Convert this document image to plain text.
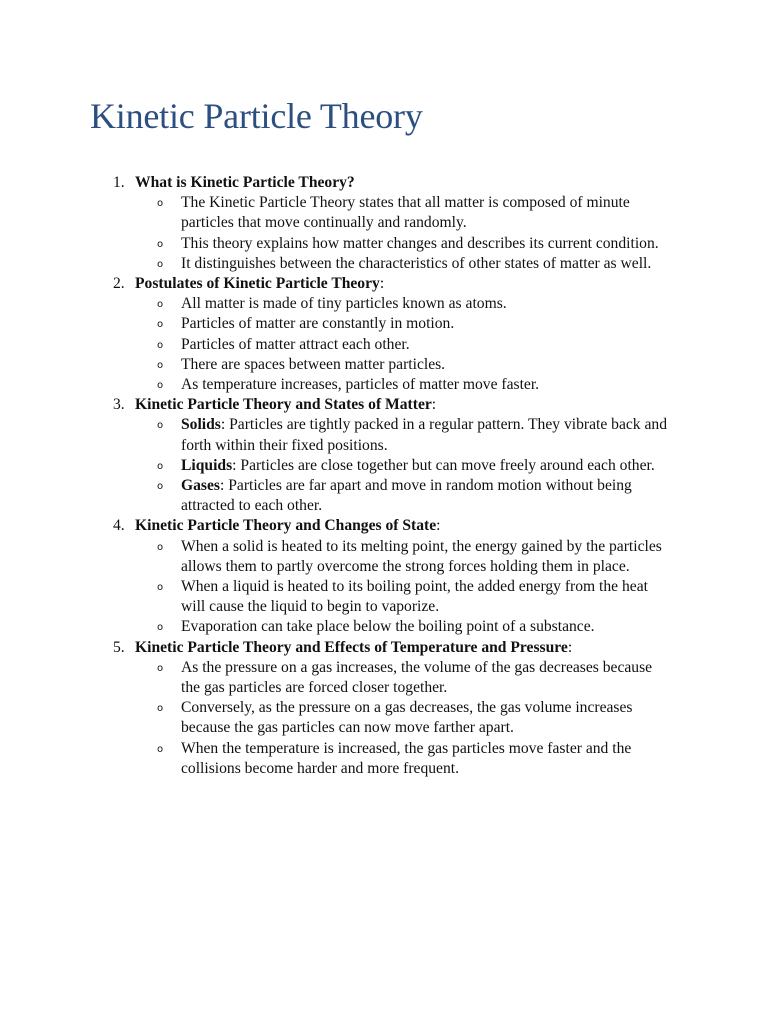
Kinetic Particle Theory
1. What is Kinetic Particle Theory?
o The Kinetic Particle Theory states that all matter is composed of minute particles that move continually and randomly.
o This theory explains how matter changes and describes its current condition.
o It distinguishes between the characteristics of other states of matter as well.
2. Postulates of Kinetic Particle Theory:
o All matter is made of tiny particles known as atoms.
o Particles of matter are constantly in motion.
o Particles of matter attract each other.
o There are spaces between matter particles.
o As temperature increases, particles of matter move faster.
3. Kinetic Particle Theory and States of Matter:
o Solids: Particles are tightly packed in a regular pattern. They vibrate back and forth within their fixed positions.
o Liquids: Particles are close together but can move freely around each other.
o Gases: Particles are far apart and move in random motion without being attracted to each other.
4. Kinetic Particle Theory and Changes of State:
o When a solid is heated to its melting point, the energy gained by the particles allows them to partly overcome the strong forces holding them in place.
o When a liquid is heated to its boiling point, the added energy from the heat will cause the liquid to begin to vaporize.
o Evaporation can take place below the boiling point of a substance.
5. Kinetic Particle Theory and Effects of Temperature and Pressure:
o As the pressure on a gas increases, the volume of the gas decreases because the gas particles are forced closer together.
o Conversely, as the pressure on a gas decreases, the gas volume increases because the gas particles can now move farther apart.
o When the temperature is increased, the gas particles move faster and the collisions become harder and more frequent.
